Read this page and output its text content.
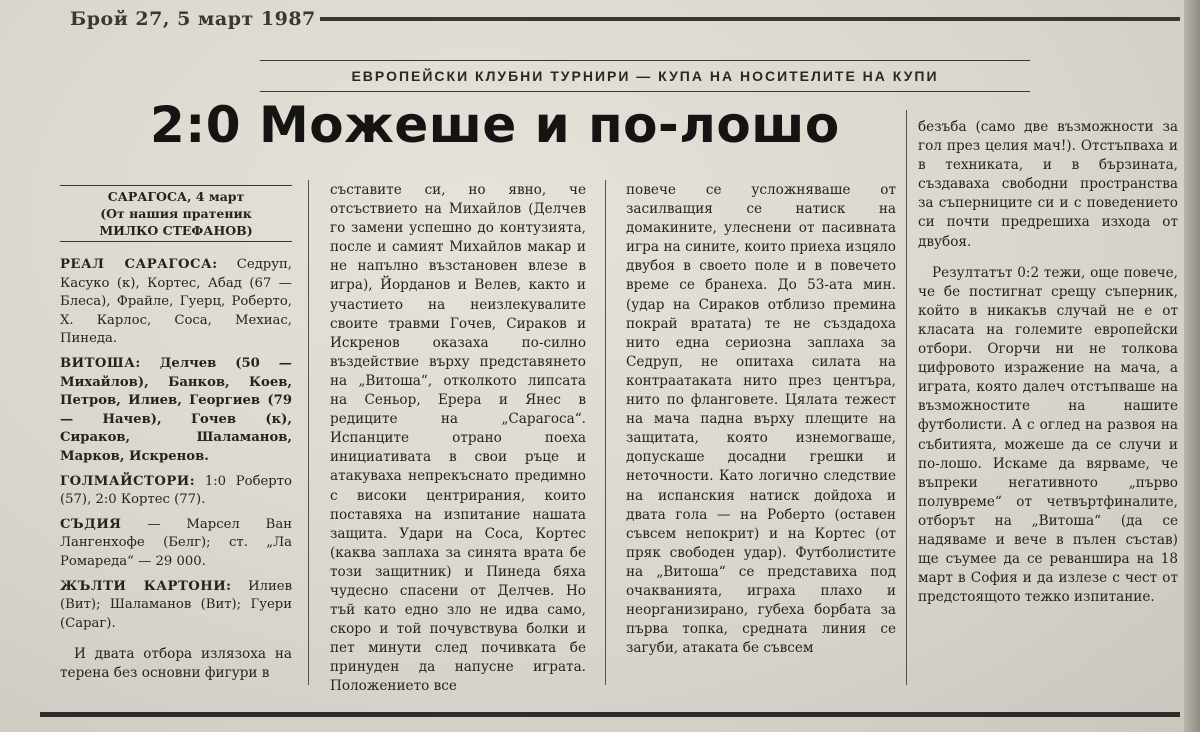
Брой 27, 5 март 1987
ЕВРОПЕЙСКИ КЛУБНИ ТУРНИРИ — КУПА НА НОСИТЕЛИТЕ НА КУПИ
2:0 Можеше и по-лошо
САРАГОСА, 4 март
(От нашия пратеник
МИЛКО СТЕФАНОВ)
РЕАЛ САРАГОСА: Седруп, Касуко (к), Кортес, Абад (67 — Блеса), Фрайле, Гуерц, Роберто, Х. Карлос, Соса, Мехиас, Пинеда.
ВИТОША: Делчев (50 — Михайлов), Банков, Коев, Петров, Илиев, Георгиев (79 — Начев), Гочев (к), Сираков, Шаламанов, Марков, Искренов.
ГОЛМАЙСТОРИ: 1:0 Роберто (57), 2:0 Кортес (77).
СЪДИЯ — Марсел Ван Лангенхофе (Белг); ст. „Ла Ромареда“ — 29 000.
ЖЪЛТИ КАРТОНИ: Илиев (Вит); Шаламанов (Вит); Гуери (Сараг).

И двата отбора излязоха на терена без основни фигури в

съставите си, но явно, че отсъствието на Михайлов (Делчев го замени успешно до контузията, после и самият Михайлов макар и не напълно възстановен влезе в игра), Йорданов и Велев, както и участието на неизлекувалите своите травми Гочев, Сираков и Искренов оказаха по-силно въздействие върху представянето на „Витоша“, отколкото липсата на Сеньор, Ерера и Янес в редиците на „Сарагоса“. Испанците отрано поеха инициативата в свои ръце и атакуваха непрекъснато предимно с високи центрирания, които поставяха на изпитание нашата защита. Удари на Соса, Кортес (каква заплаха за синята врата бе този защитник) и Пинеда бяха чудесно спасени от Делчев. Но тъй като едно зло не идва само, скоро и той почувствува болки и пет минути след почивката бе принуден да напусне играта. Положението все

повече се усложняваше от засилващия се натиск на домакините, улеснени от пасивната игра на сините, които приеха изцяло двубоя в своето поле и в повечето време се бранеха. До 53-ата мин. (удар на Сираков отблизо премина покрай вратата) те не създадоха нито една сериозна заплаха за Седруп, не опитаха силата на контраатаката нито през центъра, нито по фланговете. Цялата тежест на мача падна върху плещите на защитата, която изнемогваше, допускаше досадни грешки и неточности. Като логично следствие на испанския натиск дойдоха и двата гола — на Роберто (оставен съвсем непокрит) и на Кортес (от пряк свободен удар). Футболистите на „Витоша“ се представиха под очакванията, играха плахо и неорганизирано, губеха борбата за първа топка, средната линия се загуби, атаката бе съвсем

безъба (само две възможности за гол през целия мач!). Отстъпваха и в техниката, и в бързината, създаваха свободни пространства за съперниците си и с поведението си почти предрешиха изхода от двубоя.

Резултатът 0:2 тежи, още повече, че бе постигнат срещу съперник, който в никакъв случай не е от класата на големите европейски отбори. Огорчи ни не толкова цифровото изражение на мача, а играта, която далеч отстъпваше на възможностите на нашите футболисти. А с оглед на развоя на събитията, можеше да се случи и по-лошо. Искаме да вярваме, че въпреки негативното „първо полувреме“ от четвъртфиналите, отборът на „Витоша“ (да се надяваме и вече в пълен състав) ще съумее да се реванширa на 18 март в София и да излезе с чест от предстоящото тежко изпитание.
